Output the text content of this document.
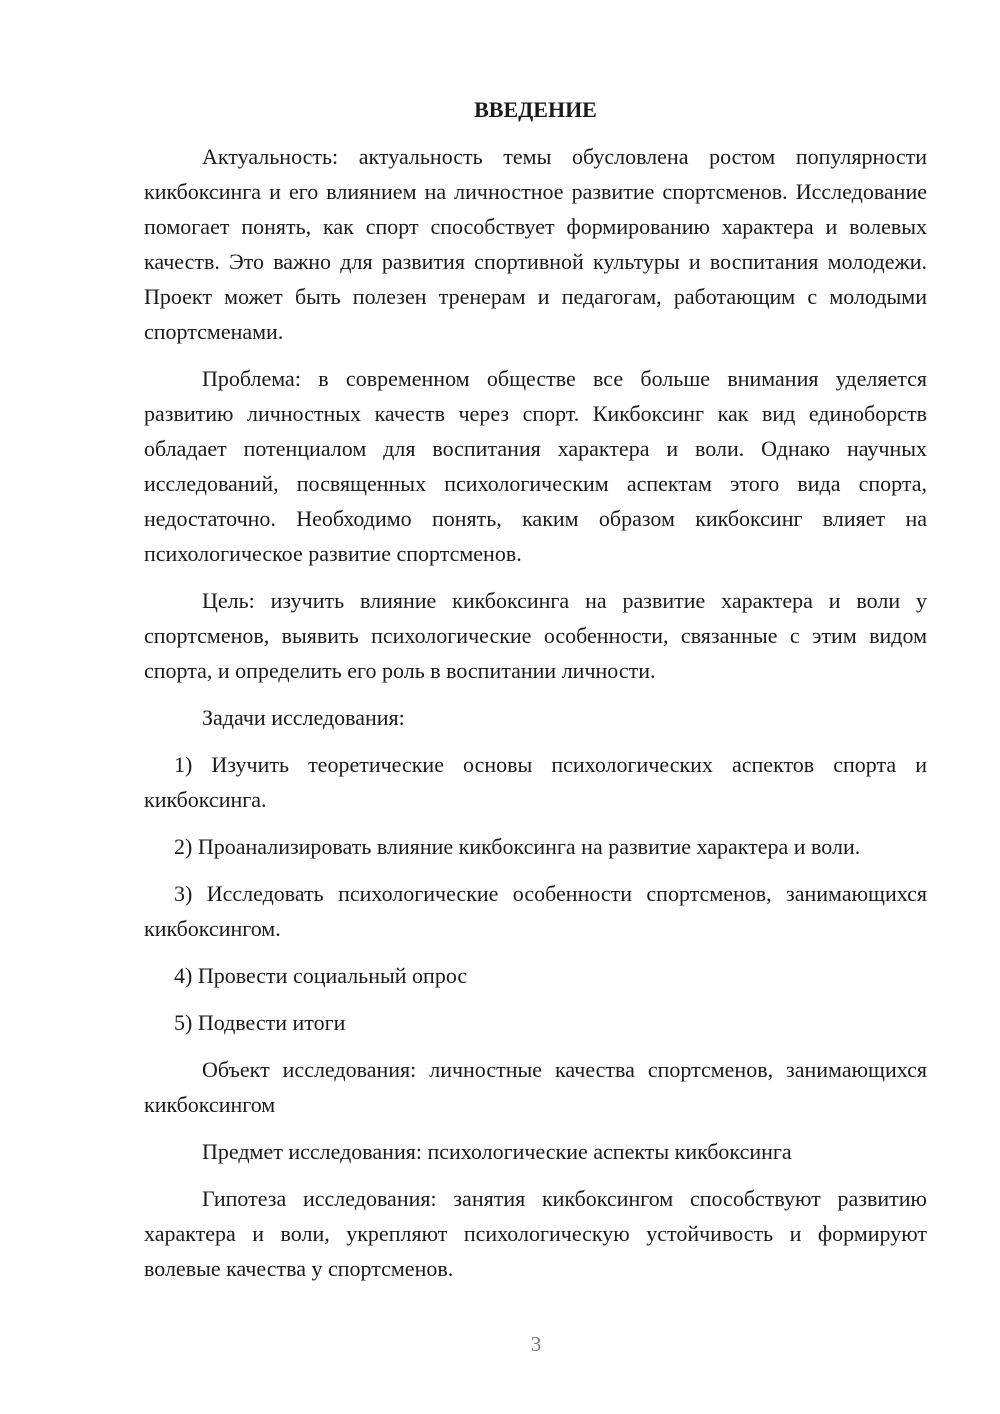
ВВЕДЕНИЕ

Актуальность: актуальность темы обусловлена ростом популярности кикбоксинга и его влиянием на личностное развитие спортсменов. Исследование помогает понять, как спорт способствует формированию характера и волевых качеств. Это важно для развития спортивной культуры и воспитания молодежи. Проект может быть полезен тренерам и педагогам, работающим с молодыми спортсменами.

Проблема: в современном обществе все больше внимания уделяется развитию личностных качеств через спорт. Кикбоксинг как вид единоборств обладает потенциалом для воспитания характера и воли. Однако научных исследований, посвященных психологическим аспектам этого вида спорта, недостаточно. Необходимо понять, каким образом кикбоксинг влияет на психологическое развитие спортсменов.

Цель: изучить влияние кикбоксинга на развитие характера и воли у спортсменов, выявить психологические особенности, связанные с этим видом спорта, и определить его роль в воспитании личности.

Задачи исследования:

1) Изучить теоретические основы психологических аспектов спорта и кикбоксинга.

2) Проанализировать влияние кикбоксинга на развитие характера и воли.

3) Исследовать психологические особенности спортсменов, занимающихся кикбоксингом.

4) Провести социальный опрос

5) Подвести итоги

Объект исследования: личностные качества спортсменов, занимающихся кикбоксингом

Предмет исследования: психологические аспекты кикбоксинга

Гипотеза исследования: занятия кикбоксингом способствуют развитию характера и воли, укрепляют психологическую устойчивость и формируют волевые качества у спортсменов.

3
